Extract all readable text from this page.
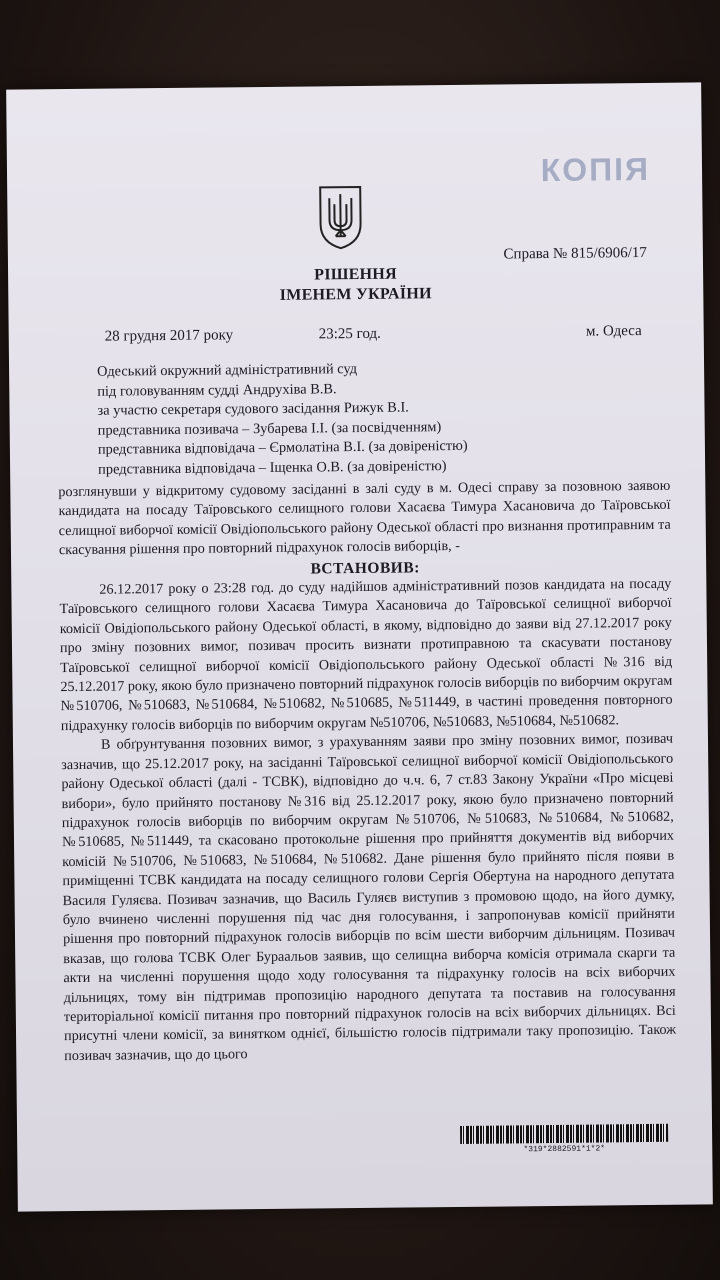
КОПІЯ
Справа № 815/6906/17
РІШЕННЯ
ІМЕНЕМ УКРАЇНИ
28 грудня 2017 року	23:25 год.	м. Одеса
Одеський окружний адміністративний суд
під головуванням судді Андрухіва В.В.
за участю секретаря судового засідання Рижук В.І.
представника позивача – Зубарева І.І. (за посвідченням)
представника відповідача – Єрмолатіна В.І. (за довіреністю)
представника відповідача – Іщенка О.В. (за довіреністю)

розглянувши у відкритому судовому засіданні в залі суду в м. Одесі справу за позовною заявою кандидата на посаду Таїровського селищного голови Хасаєва Тимура Хасановича до Таїровської селищної виборчої комісії Овідіопольського району Одеської області про визнання протиправним та скасування рішення про повторний підрахунок голосів виборців, -

ВСТАНОВИВ:

26.12.2017 року о 23:28 год. до суду надійшов адміністративний позов кандидата на посаду Таїровського селищного голови Хасаєва Тимура Хасановича до Таїровської селищної виборчої комісії Овідіопольського району Одеської області, в якому, відповідно до заяви від 27.12.2017 року про зміну позовних вимог, позивач просить визнати протиправною та скасувати постанову Таїровської селищної виборчої комісії Овідіопольського району Одеської області №316 від 25.12.2017 року, якою було призначено повторний підрахунок голосів виборців по виборчим округам №510706, №510683, №510684, №510682, №510685, №511449, в частині проведення повторного підрахунку голосів виборців по виборчим округам №510706, №510683, №510684, №510682.

В обґрунтування позовних вимог, з урахуванням заяви про зміну позовних вимог, позивач зазначив, що 25.12.2017 року, на засіданні Таїровської селищної виборчої комісії Овідіопольського району Одеської області (далі - ТСВК), відповідно до ч.ч. 6, 7 ст.83 Закону України «Про місцеві вибори», було прийнято постанову №316 від 25.12.2017 року, якою було призначено повторний підрахунок голосів виборців по виборчим округам №510706, №510683, №510684, №510682, №510685, №511449, та скасовано протокольне рішення про прийняття документів від виборчих комісій №510706, №510683, №510684, №510682. Дане рішення було прийнято після появи в приміщенні ТСВК кандидата на посаду селищного голови Сергія Обертуна на народного депутата Василя Гуляєва. Позивач зазначив, що Василь Гуляєв виступив з промовою щодо, на його думку, було вчинено численні порушення під час дня голосування, і запропонував комісії прийняти рішення про повторний підрахунок голосів виборців по всім шести виборчим дільницям. Позивач вказав, що голова ТСВК Олег Бураальов заявив, що селищна виборча комісія отримала скарги та акти на численні порушення щодо ходу голосування та підрахунку голосів на всіх виборчих дільницях, тому він підтримав пропозицію народного депутата та поставив на голосування територіальної комісії питання про повторний підрахунок голосів на всіх виборчих дільницях. Всі присутні члени комісії, за винятком однієї, більшістю голосів підтримали таку пропозицію. Також позивач зазначив, що до цього

*319*2882591*1*2*
